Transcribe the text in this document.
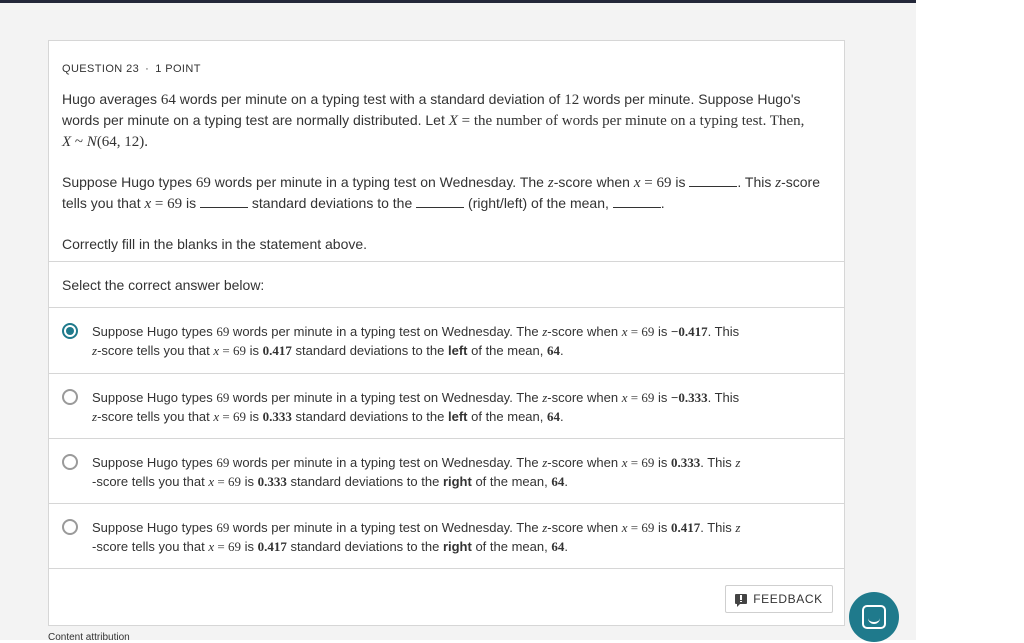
QUESTION 23 · 1 POINT

Hugo averages 64 words per minute on a typing test with a standard deviation of 12 words per minute. Suppose Hugo's words per minute on a typing test are normally distributed. Let X = the number of words per minute on a typing test. Then,
X ~ N(64, 12).

Suppose Hugo types 69 words per minute in a typing test on Wednesday. The z-score when x = 69 is	. This z-score tells you that x = 69 is	standard deviations to the	(right/left) of the mean,	.

Correctly fill in the blanks in the statement above.

Select the correct answer below:
Suppose Hugo types 69 words per minute in a typing test on Wednesday. The z-score when x = 69 is −0.417. This
z-score tells you that x = 69 is 0.417 standard deviations to the left of the mean, 64.
Suppose Hugo types 69 words per minute in a typing test on Wednesday. The z-score when x = 69 is −0.333. This
z-score tells you that x = 69 is 0.333 standard deviations to the left of the mean, 64.
Suppose Hugo types 69 words per minute in a typing test on Wednesday. The z-score when x = 69 is 0.333. This z
-score tells you that x = 69 is 0.333 standard deviations to the right of the mean, 64.
Suppose Hugo types 69 words per minute in a typing test on Wednesday. The z-score when x = 69 is 0.417. This z
-score tells you that x = 69 is 0.417 standard deviations to the right of the mean, 64.
FEEDBACK
Content attribution
